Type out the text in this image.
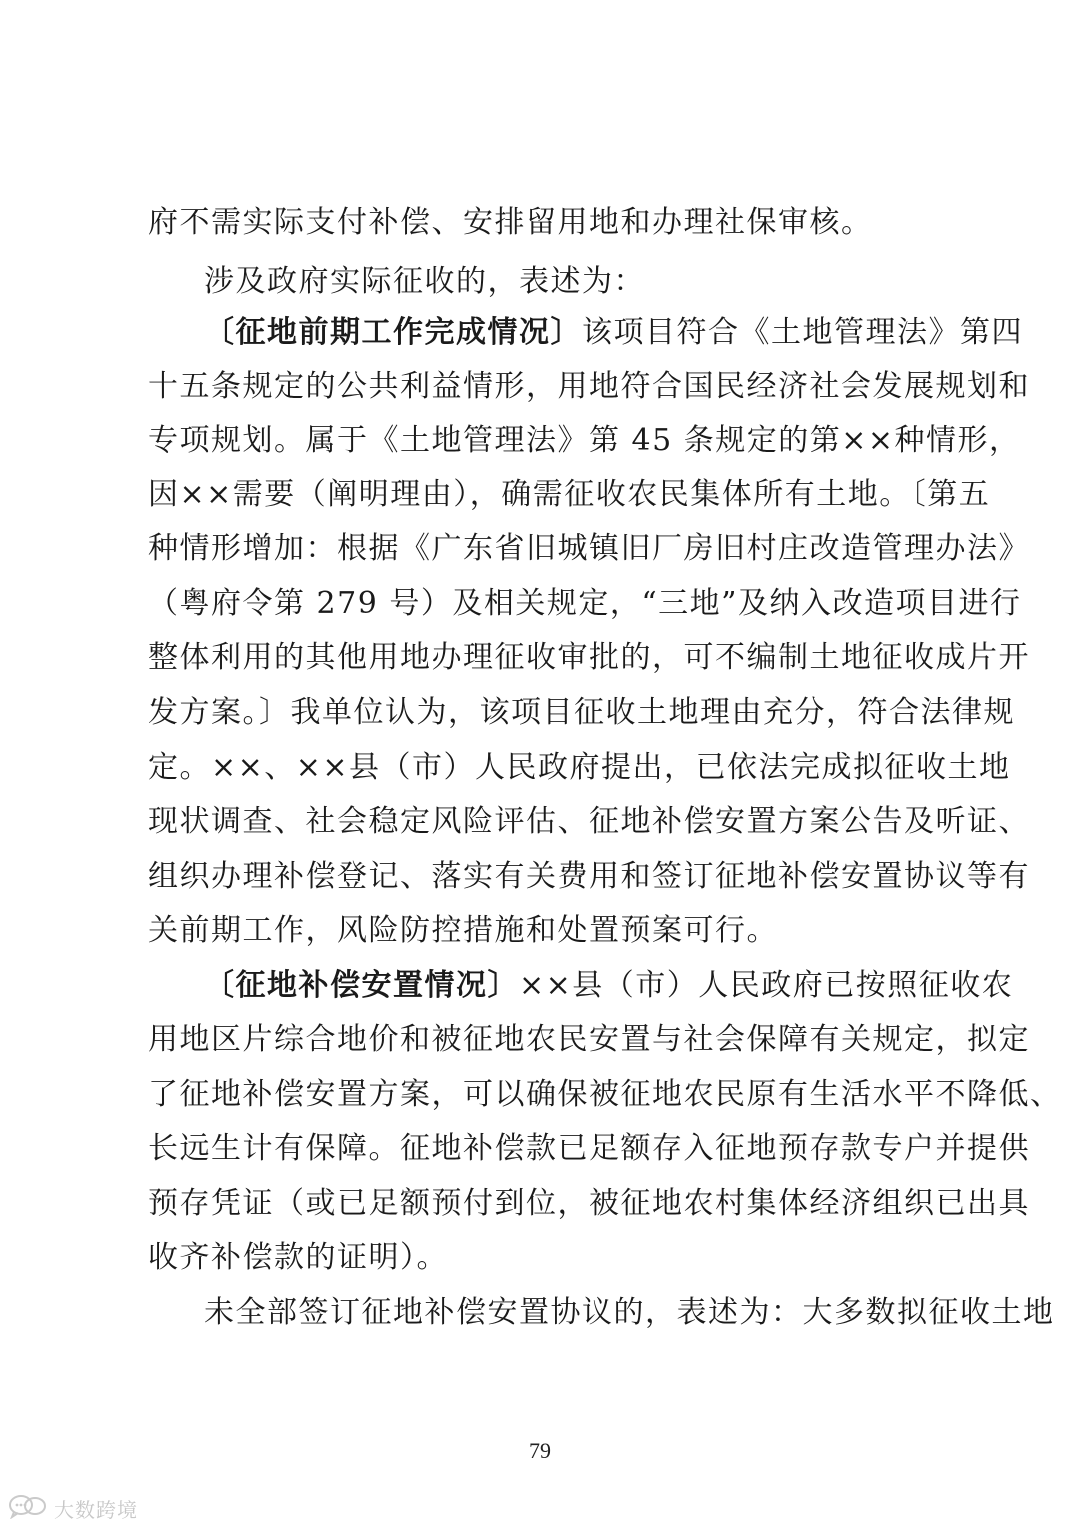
府不需实际支付补偿、安排留用地和办理社保审核。
涉及政府实际征收的，表述为：
〔征地前期工作完成情况〕该项目符合《土地管理法》第四
十五条规定的公共利益情形，用地符合国民经济社会发展规划和
专项规划。属于《土地管理法》第 45 条规定的第××种情形，
因××需要（阐明理由），确需征收农民集体所有土地。〔第五
种情形增加：根据《广东省旧城镇旧厂房旧村庄改造管理办法》
（粤府令第 279 号）及相关规定，“三地”及纳入改造项目进行
整体利用的其他用地办理征收审批的，可不编制土地征收成片开
发方案。〕我单位认为，该项目征收土地理由充分，符合法律规
定。××、××县（市）人民政府提出，已依法完成拟征收土地
现状调查、社会稳定风险评估、征地补偿安置方案公告及听证、
组织办理补偿登记、落实有关费用和签订征地补偿安置协议等有
关前期工作，风险防控措施和处置预案可行。
〔征地补偿安置情况〕××县（市）人民政府已按照征收农
用地区片综合地价和被征地农民安置与社会保障有关规定，拟定
了征地补偿安置方案，可以确保被征地农民原有生活水平不降低、
长远生计有保障。征地补偿款已足额存入征地预存款专户并提供
预存凭证（或已足额预付到位，被征地农村集体经济组织已出具
收齐补偿款的证明）。
未全部签订征地补偿安置协议的，表述为：大多数拟征收土地
79
大数跨境
